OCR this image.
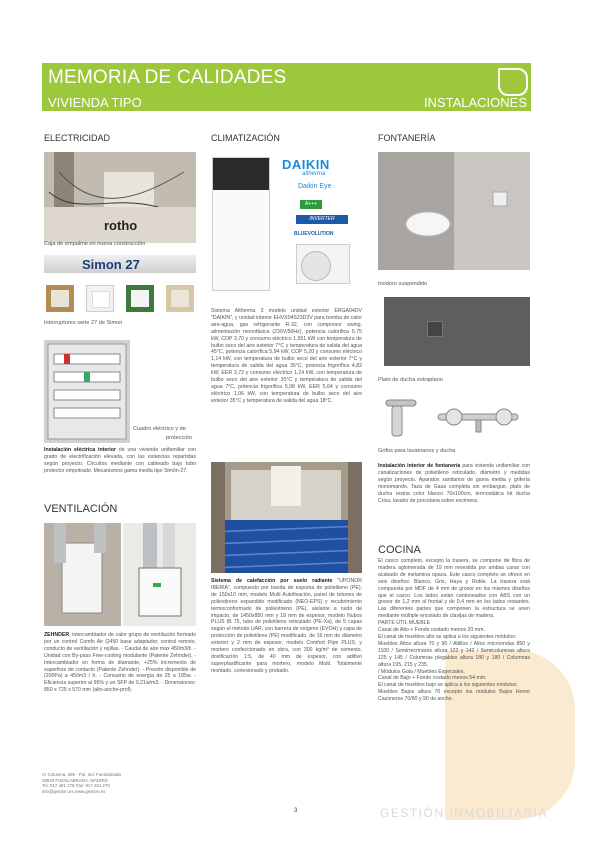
MEMORIA DE CALIDADES
VIVIENDA TIPO	INSTALACIONES
ELECTRICIDAD
rotho
Caja de empalme en nueva construcción
Simon 27
Interruptores serie 27 de Simon
Cuadro eléctrico y de
protección
Instalación eléctrica interior de una vivienda unifamiliar con grado de electrificación elevada, con las estancias repartidas según proyecto. Circuitos mediante con cableado bajo tubo protector empotrado. Mecanismos gama media tipo Simón-27.
VENTILACIÓN
ZEHNDER, intercambiador de calor grupo de ventilación formado por un control Comfo Air Q450 base adaptador, control remoto, conducto de ventilación y rejillas. - Caudal de aire max 450m3/h. - Unidad con By-pass Free-cooling modulante (Patente Zehnder). - Intercambiador en forma de diamante, +25% incremento de superficie de contacto (Patente Zehnder). - Presión disponible de (200Pa) a 450m3 / h. - Consumo de energía de 25 a 185w. - Eficiencia superior al 95% y un SFP de 0,21w/m3. - Dimensiones: 850 x 725 x 570 mm (alto-ancho-prof).
CLIMATIZACIÓN
DAIKIN
altherma
Daikin Eye
A+++
INVERTER
BLUEVOLUTION
Sistema Altherma 3 modelo unidad exterior ERGA04DV "DAIKIN", y unidad interior EHVX04S23D3V para bomba de calor aire-agua, gas refrigerante R-32, con compresor swing, alimentación monofásica (230V/50Hz), potencia calorífica 5,75 kW, COP 3,70 y consumo eléctrico 1,551 kW con temperatura de bulbo seco del aire exterior 7°C y temperatura de salida del agua 45°C, potencia calorífica 5,94 kW, COP 5,20 y consumo eléctrico 1,14 kW, con temperatura de bulbo seco del aire exterior 7°C y temperatura de salida del agua 35°C, potencia frigorífica 4,82 kW, EER 3,72 y consumo eléctrico 1,24 kW, con temperatura de bulbo seco del aire exterior 35°C y temperatura de salida del agua 7°C, potencia frigorífica 5,98 kW, EER 5,64 y consumo eléctrico 1,06 kW, con temperatura de bulbo seco del aire exterior 35°C y temperatura de salida del agua 18°C.
Sistema de calefacción por suelo radiante "UPONOR IBERIA", compuesto por banda de espuma de polietileno (PE), de 150x10 mm, modelo Multi Autofixación, panel de tetones de poliestireno expandido modificado (NEO-EPS) y recubrimiento termoconformado de poliestireno (PE), aislante a ruido de impacto, de 1450x850 mm y 18 mm de espesor, modelo Nubos PLUS IB 75, tubo de polietileno reticulado (PE-Xa), de 5 capas según el método UAR, con barrera de oxígeno (EVOH) y capa de protección de polietileno (PE) modificado, de 16 mm de diámetro exterior y 2 mm de espesor, modelo Comfort Pipe PLUS, y mortero confeccionado en obra, con 300 kg/m³ de cemento, dosificación 1:5, de 40 mm de espesor, con aditivo superplastificante para mortero, modelo Multi. Totalmente montado, conexionado y probado.
FONTANERÍA
Inodoro suspendido
Plato de ducha extraplano
Grifos para lavamanos y ducha
Instalación interior de fontanería para vivienda unifamiliar con canalizaciones de polietileno reticulado, diámetro y medidas según proyecto. Aparatos sanitarios de gama media y grifería monomando. Taza de Gasa completa sin embargue, plato de ducha resina color blanco 70x100cm, termostática kit ducha Crisa, lavabo de porcelana sobre encimera.
COCINA
El casco completo, excepto la trasera, se compone de fibra de madera aglomerada de 19 mm revestida por ambas caras con acabado de melamina opaca. Este casco completo se ofrece en seis diseños: Blanco, Gris, Haya y Roble. La trasera está compuesta por MDF de 4 mm de grosor en los mismos diseños que el casco. Los lados están cantoneados con ABS con un grosor de 1,2 mm al frontal y de 0,4 mm en los lados restantes. Las diferentes partes que componen la estructura se unen mediante múltiple encolado de clavijas de madera.
PARTE ÚTIL MUEBLE
Canal de Alto + Fondo costado menos 20 mm.
El canal de muebles alto se aplica a los siguientes módulos:
Muebles Altos altura 70 y 90 / Altillos / Altos microondas 850 y 1100 / Semirrecrinares altura 122 y 142 / Semicolumnas altura 125 y 145 / Columnas plegables altura 180 y 180 / Columnas altura 195, 215 y 235.
/ Módulos Gola / Muebles Especiales.
Canal de Bajo + Fondo costado menos 54 mm.
El canal de muebles bajo se aplica a los siguientes módulos:
Muebles Bajos altura 70 excepto los módulos Bajos Horno Cazoneros 70/80 y 90 de ancho.
GESTIÓN INMOBILIARIA
C/ Columna, 385 - Pol. Ind. Fuenlabrada
28943 FUENLABRADA, MADRID
Tel: 917 481 278 Fax: 917 481 270
info@gestion.es www.gestion.es
3
